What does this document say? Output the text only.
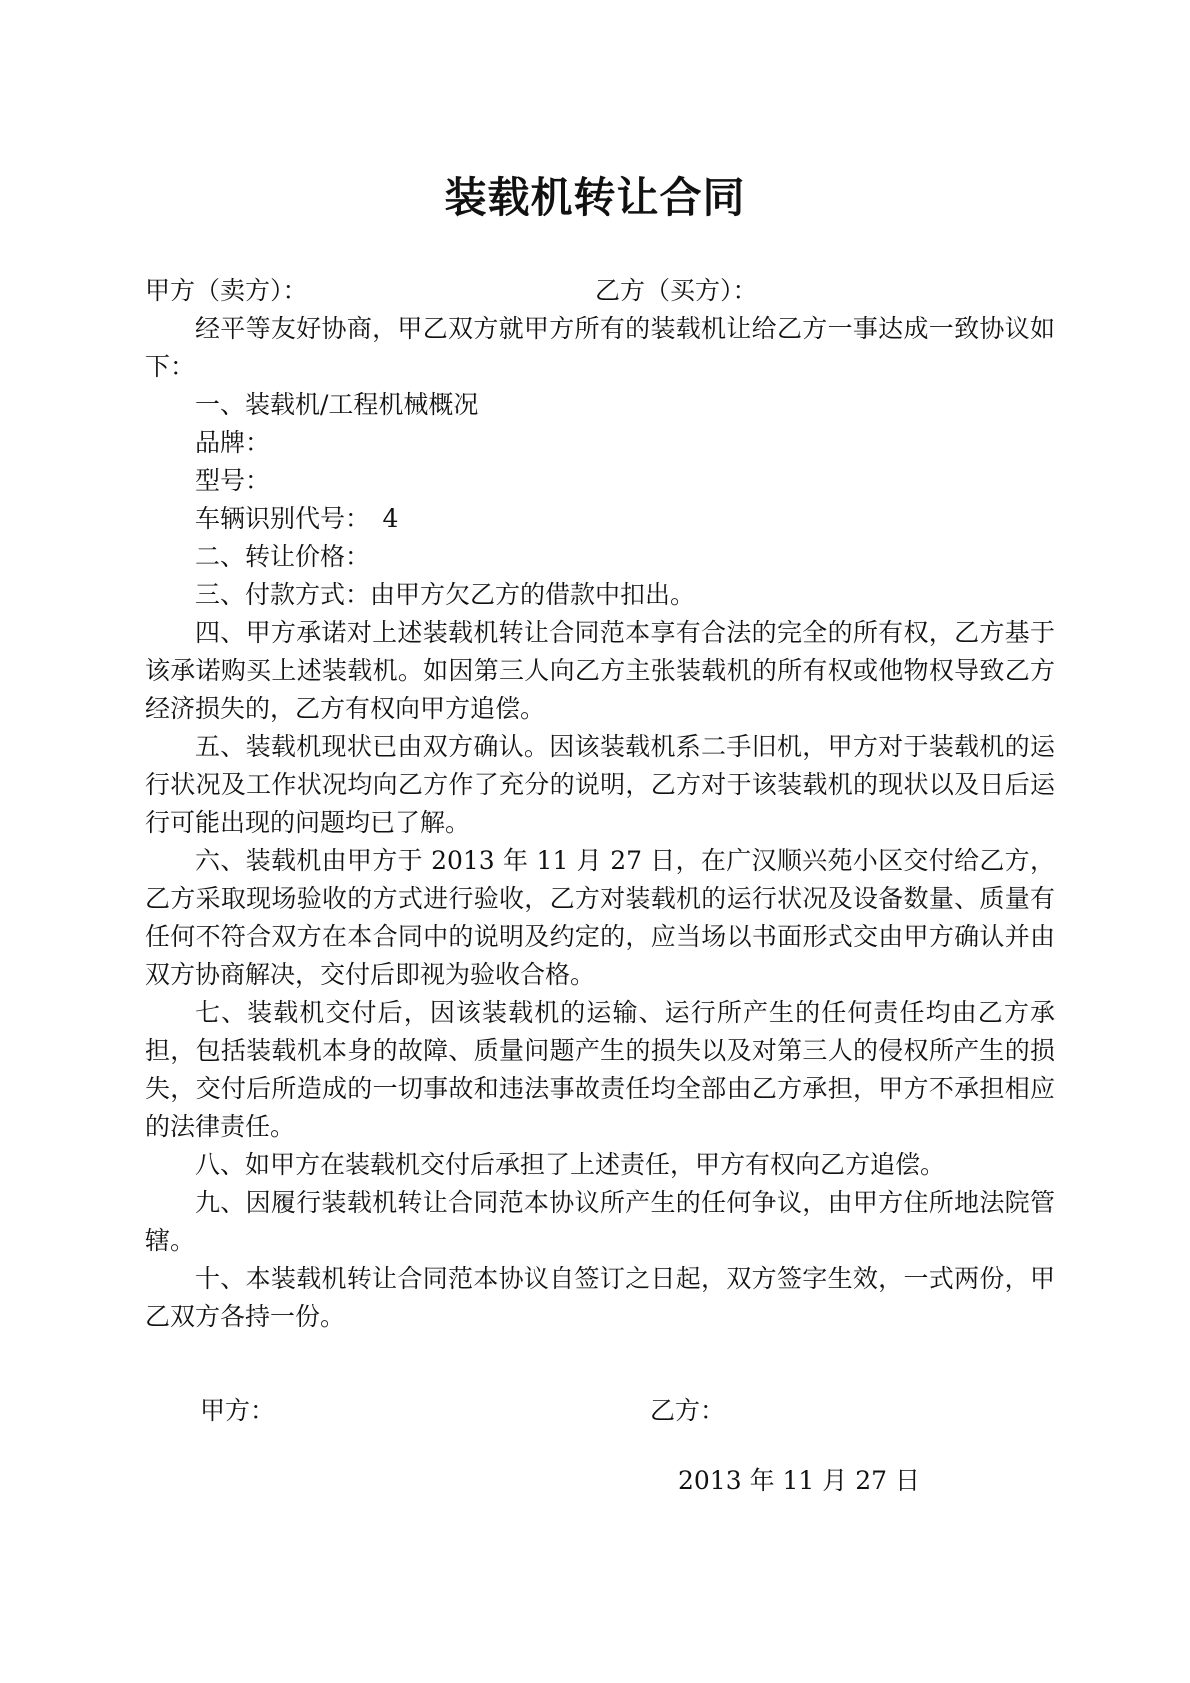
装载机转让合同
甲方（卖方）：	乙方（买方）：

经平等友好协商，甲乙双方就甲方所有的装载机让给乙方一事达成一致协议如下：

一、装载机/工程机械概况

品牌：

型号：

车辆识别代号：　4

二、转让价格：

三、付款方式：由甲方欠乙方的借款中扣出。

四、甲方承诺对上述装载机转让合同范本享有合法的完全的所有权，乙方基于该承诺购买上述装载机。如因第三人向乙方主张装载机的所有权或他物权导致乙方经济损失的，乙方有权向甲方追偿。

五、装载机现状已由双方确认。因该装载机系二手旧机，甲方对于装载机的运行状况及工作状况均向乙方作了充分的说明，乙方对于该装载机的现状以及日后运行可能出现的问题均已了解。

六、装载机由甲方于 2013 年 11 月 27 日，在广汉顺兴苑小区交付给乙方，乙方采取现场验收的方式进行验收，乙方对装载机的运行状况及设备数量、质量有任何不符合双方在本合同中的说明及约定的，应当场以书面形式交由甲方确认并由双方协商解决，交付后即视为验收合格。

七、装载机交付后，因该装载机的运输、运行所产生的任何责任均由乙方承担，包括装载机本身的故障、质量问题产生的损失以及对第三人的侵权所产生的损失，交付后所造成的一切事故和违法事故责任均全部由乙方承担，甲方不承担相应的法律责任。

八、如甲方在装载机交付后承担了上述责任，甲方有权向乙方追偿。

九、因履行装载机转让合同范本协议所产生的任何争议，由甲方住所地法院管辖。

十、本装载机转让合同范本协议自签订之日起，双方签字生效，一式两份，甲乙双方各持一份。

甲方：	乙方：
2013 年 11 月 27 日
